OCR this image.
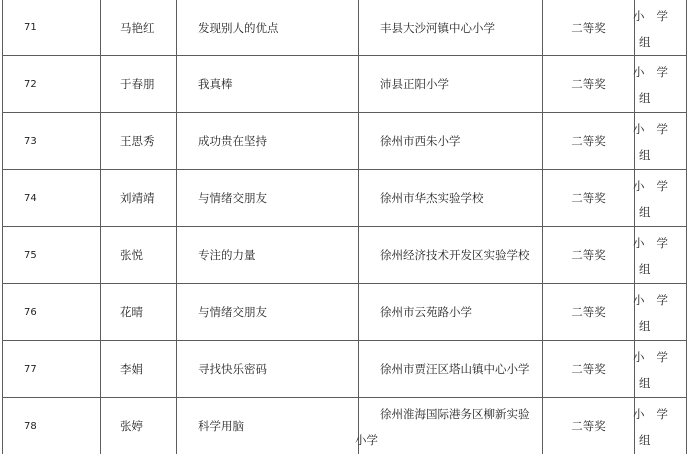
71	马艳红	发现别人的优点	丰县大沙河镇中心小学	二等奖	小学
组

72	于春朋	我真棒	沛县正阳小学	二等奖	小学
组

73	王思秀	成功贵在坚持	徐州市西朱小学	二等奖	小学
组

74	刘靖靖	与情绪交朋友	徐州市华杰实验学校	二等奖	小学
组

75	张悦	专注的力量	徐州经济技术开发区实验学校	二等奖	小学
组

76	花晴	与情绪交朋友	徐州市云苑路小学	二等奖	小学
组

77	李娟	寻找快乐密码	徐州市贾汪区塔山镇中心小学	二等奖	小学
组

78	张婷	科学用脑	徐州淮海国际港务区柳新实验
小学	二等奖	小学
组
